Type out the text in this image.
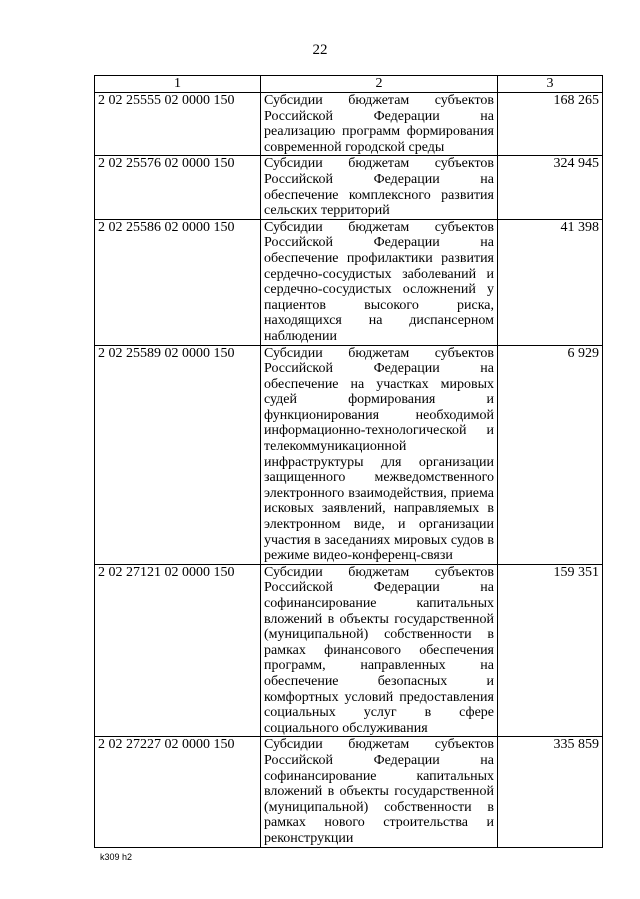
22
1	2	3
2 02 25555 02 0000 150	Субсидии бюджетам субъектов Российской Федерации на реализацию программ формирования современной городской среды	168 265
2 02 25576 02 0000 150	Субсидии бюджетам субъектов Российской Федерации на обеспечение комплексного развития сельских территорий	324 945
2 02 25586 02 0000 150	Субсидии бюджетам субъектов Российской Федерации на обеспечение профилактики развития сердечно-сосудистых заболеваний и сердечно-сосудистых осложнений у пациентов высокого риска, находящихся на диспансерном наблюдении	41 398
2 02 25589 02 0000 150	Субсидии бюджетам субъектов Российской Федерации на обеспечение на участках мировых судей формирования и функционирования необходимой информационно-технологической и телекоммуникационной инфраструктуры для организации защищенного межведомственного электронного взаимодействия, приема исковых заявлений, направляемых в электронном виде, и организации участия в заседаниях мировых судов в режиме видео-конференц-связи	6 929
2 02 27121 02 0000 150	Субсидии бюджетам субъектов Российской Федерации на софинансирование капитальных вложений в объекты государственной (муниципальной) собственности в рамках финансового обеспечения программ, направленных на обеспечение безопасных и комфортных условий предоставления социальных услуг в сфере социального обслуживания	159 351
2 02 27227 02 0000 150	Субсидии бюджетам субъектов Российской Федерации на софинансирование капитальных вложений в объекты государственной (муниципальной) собственности в рамках нового строительства и реконструкции	335 859
k309 h2
